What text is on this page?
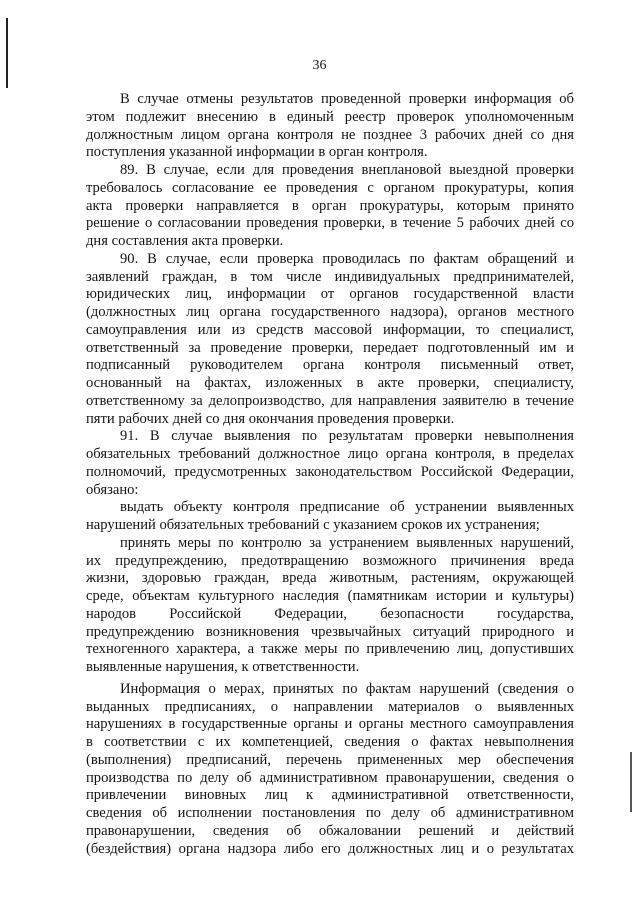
36
В случае отмены результатов проведенной проверки информация об
этом подлежит внесению в единый реестр проверок уполномоченным
должностным лицом органа контроля не позднее 3 рабочих дней со дня
поступления указанной информации в орган контроля.
89. В случае, если для проведения внеплановой выездной проверки
требовалось согласование ее проведения с органом прокуратуры, копия
акта проверки направляется в орган прокуратуры, которым принято
решение о согласовании проведения проверки, в течение 5 рабочих дней со
дня составления акта проверки.
90. В случае, если проверка проводилась по фактам обращений и
заявлений граждан, в том числе индивидуальных предпринимателей,
юридических лиц, информации от органов государственной власти
(должностных лиц органа государственного надзора), органов местного
самоуправления или из средств массовой информации, то специалист,
ответственный за проведение проверки, передает подготовленный им и
подписанный руководителем органа контроля письменный ответ,
основанный на фактах, изложенных в акте проверки, специалисту,
ответственному за делопроизводство, для направления заявителю в течение
пяти рабочих дней со дня окончания проведения проверки.
91. В случае выявления по результатам проверки невыполнения
обязательных требований должностное лицо органа контроля, в пределах
полномочий, предусмотренных законодательством Российской Федерации,
обязано:
выдать объекту контроля предписание об устранении выявленных
нарушений обязательных требований с указанием сроков их устранения;
принять меры по контролю за устранением выявленных нарушений,
их предупреждению, предотвращению возможного причинения вреда
жизни, здоровью граждан, вреда животным, растениям, окружающей
среде, объектам культурного наследия (памятникам истории и культуры)
народов Российской Федерации, безопасности государства,
предупреждению возникновения чрезвычайных ситуаций природного и
техногенного характера, а также меры по привлечению лиц, допустивших
выявленные нарушения, к ответственности.
Информация о мерах, принятых по фактам нарушений (сведения о
выданных предписаниях, о направлении материалов о выявленных
нарушениях в государственные органы и органы местного самоуправления
в соответствии с их компетенцией, сведения о фактах невыполнения
(выполнения) предписаний, перечень примененных мер обеспечения
производства по делу об административном правонарушении, сведения о
привлечении виновных лиц к административной ответственности,
сведения об исполнении постановления по делу об административном
правонарушении, сведения об обжаловании решений и действий
(бездействия) органа надзора либо его должностных лиц и о результатах
